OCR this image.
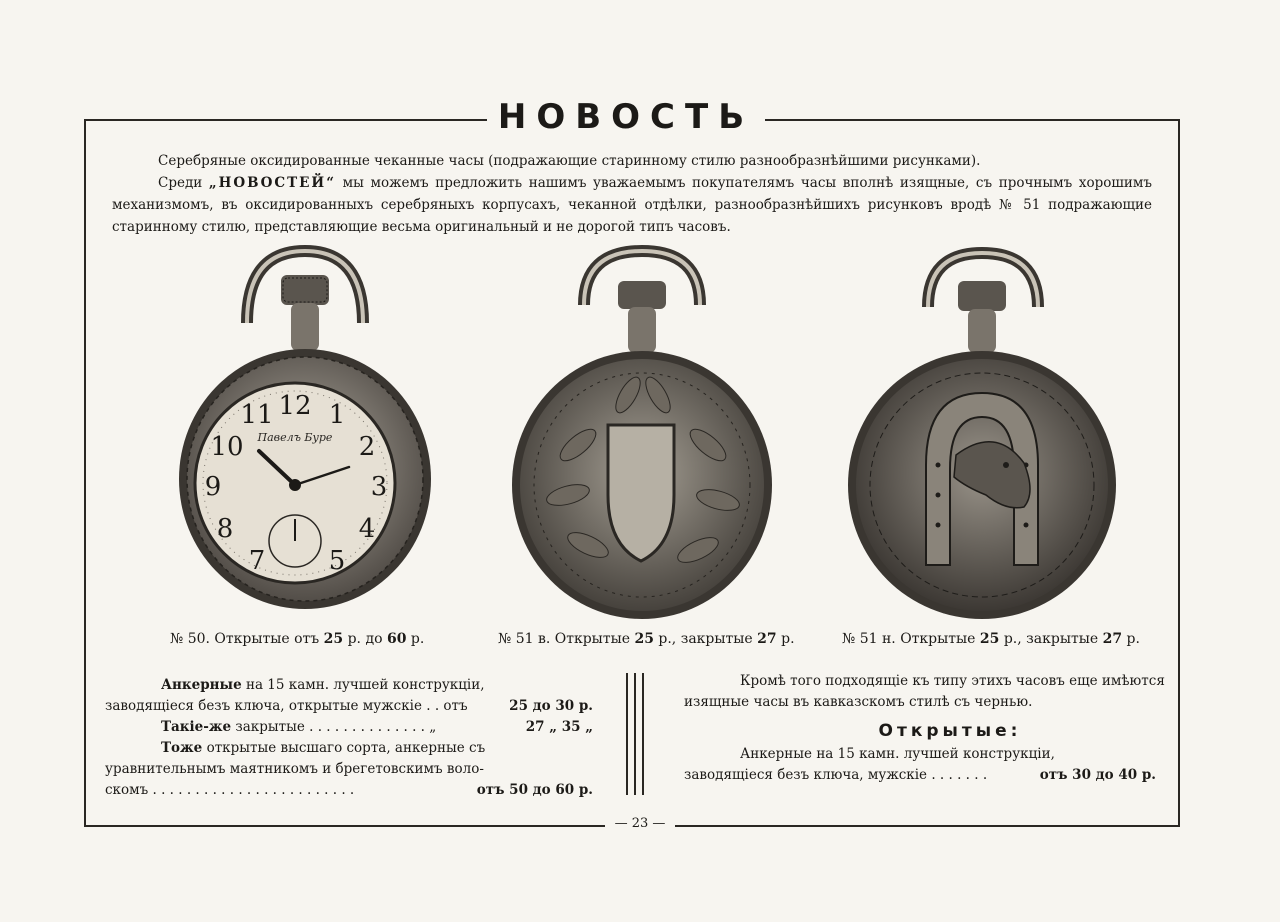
НОВОСТЬ

Серебряные оксидированные чеканные часы (подражающие старинному стилю разнообразнѣйшими рисунками).

Среди „НОВОСТЕЙ“ мы можемъ предложить нашимъ уважаемымъ покупателямъ часы вполнѣ изящные, съ прочнымъ хорошимъ механизмомъ, въ оксидированныхъ серебряныхъ корпусахъ, чеканной отдѣлки, разнообразнѣйшихъ рисунковъ вродѣ № 51 подражающие старинному стилю, представляющие весьма оригинальный и не дорогой типъ часовъ.

Павелъ Буре
12 1
2
3
4
5
7
8
9
10
11
№ 50. Открытые отъ 25 р. до 60 р.	№ 51 в. Открытые 25 р., закрытые 27 р.	№ 51 н. Открытые 25 р., закрытые 27 р.
Анкерные на 15 камн. лучшей конструкціи,
заводящіеся безъ ключа, открытые мужскіе . . отъ	25 до 30 р.
Такіе-же закрытые . . . . . . . . . . . . . . „	27 „ 35 „
Тоже открытые высшаго сорта, анкерные съ
уравнительнымъ маятникомъ и брегетовскимъ воло-
скомъ . . . . . . . . . . . . . . . . . . . . . . . .	отъ 50 до 60 р.
Кромѣ того подходящіе къ типу этихъ часовъ еще имѣются
изящные часы въ кавказскомъ стилѣ съ чернью.
Открытые:
Анкерные на 15 камн. лучшей конструкціи,
заводящіеся безъ ключа, мужскіе . . . . . . .	отъ 30 до 40 р.
— 23 —
